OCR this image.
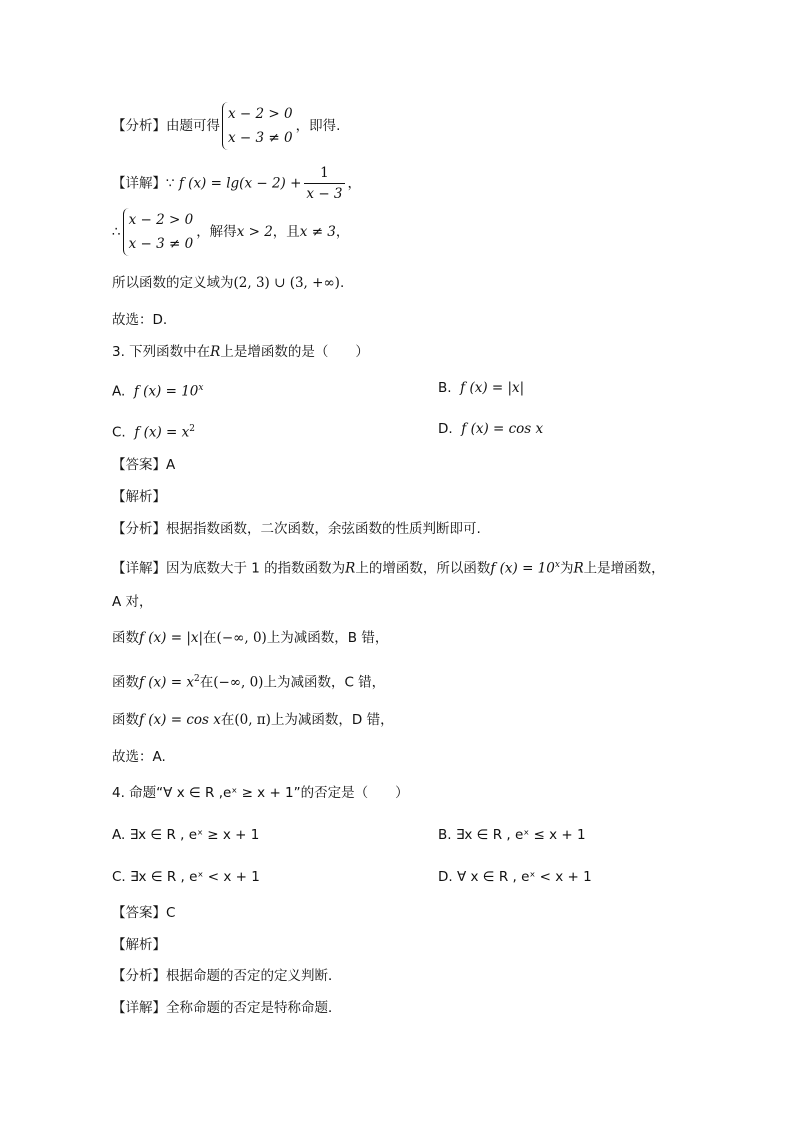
【分析】由题可得
x − 2 > 0
x − 3 ≠ 0
，即得.
【详解】∵ f $(x) = \lg(x - 2) + \frac{1}{x - 3}$ ，
∴
x − 2 > 0
x − 3 ≠ 0
，解得x > 2，且x ≠ 3，
所以函数的定义域为(2, 3) ∪ (3, +∞).
故选：D.
3. 下列函数中在R上是增函数的是（　　）
A. f $(x) = 10^x$	B. f (x) = |x|
C. f $(x) = x^2$	D. f (x) = cos x
【答案】A
【解析】
【分析】根据指数函数，二次函数，余弦函数的性质判断即可.
【详解】因为底数大于 1 的指数函数为R上的增函数，所以函数f $(x) = 10^x$为R上是增函数，
A 对，
函数f (x) = |x|在(−∞, 0)上为减函数，B 错，
函数f $(x) = x^2$在(−∞, 0)上为减函数，C 错，
函数f (x) = cos x在(0, π)上为减函数，D 错，
故选：A.
4. 命题“∀ x ∈ R ,eˣ ≥ x + 1”的否定是（　　）
A. ∃x ∈ R , eˣ ≥ x + 1	B. ∃x ∈ R , eˣ ≤ x + 1
C. ∃x ∈ R , eˣ < x + 1	D. ∀ x ∈ R , eˣ < x + 1
【答案】C
【解析】
【分析】根据命题的否定的定义判断．
【详解】全称命题的否定是特称命题．
